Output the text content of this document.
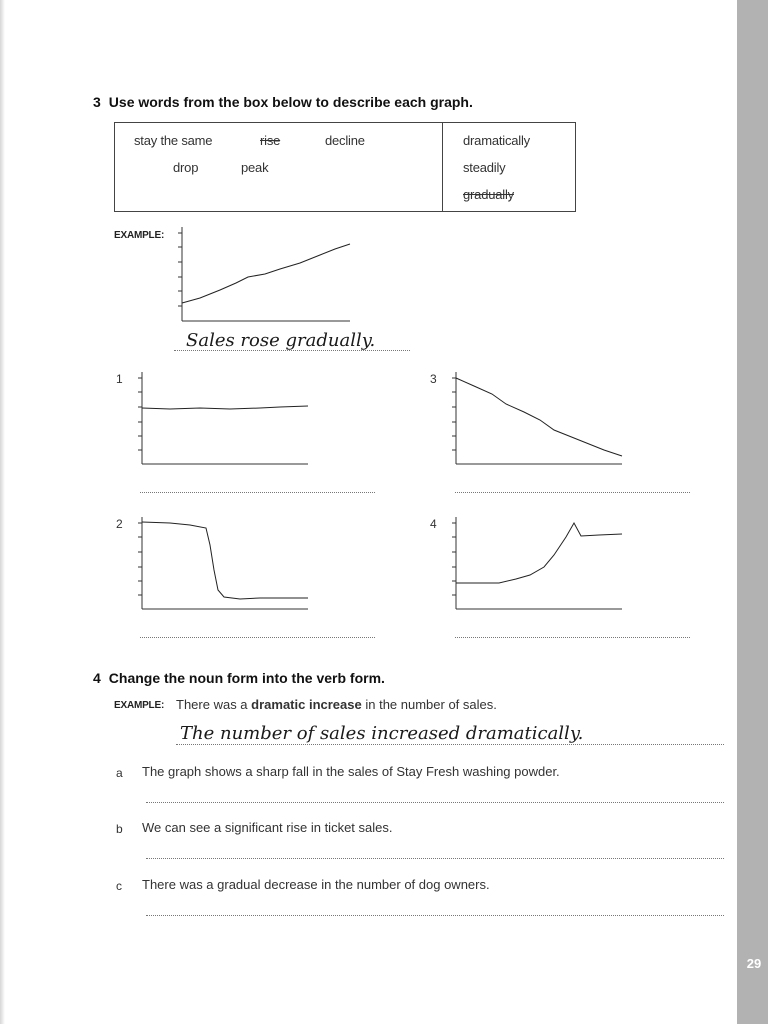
29
3 Use words from the box below to describe each graph.
stay the same	rise	decline
drop	peak
dramatically
steadily
gradually
EXAMPLE:
Sales rose gradually.
1	3
2	4
4 Change the noun form into the verb form.
EXAMPLE: There was a dramatic increase in the number of sales.
The number of sales increased dramatically.
a The graph shows a sharp fall in the sales of Stay Fresh washing powder.
b We can see a significant rise in ticket sales.
c There was a gradual decrease in the number of dog owners.
